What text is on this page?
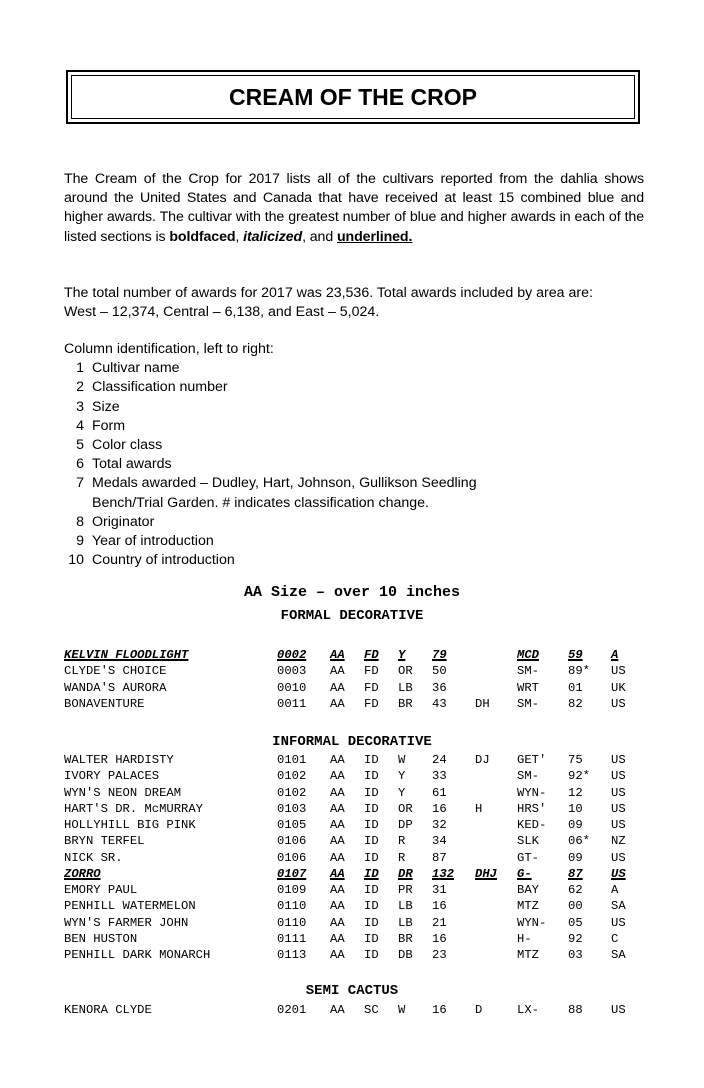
CREAM OF THE CROP
The Cream of the Crop for 2017 lists all of the cultivars reported from the dahlia shows around the United States and Canada that have received at least 15 combined blue and higher awards. The cultivar with the greatest number of blue and higher awards in each of the listed sections is boldfaced, italicized, and underlined.
The total number of awards for 2017 was 23,536. Total awards included by area are:
West – 12,374, Central – 6,138, and East – 5,024.
Column identification, left to right:
1 Cultivar name
2 Classification number
3 Size
4 Form
5 Color class
6 Total awards
7 Medals awarded – Dudley, Hart, Johnson, Gullikson Seedling
Bench/Trial Garden. # indicates classification change.
8 Originator
9 Year of introduction
10 Country of introduction
AA Size – over 10 inches
FORMAL DECORATIVE
KELVIN FLOODLIGHT	0002 AA FD Y 79	MCD 59 A
CLYDE'S CHOICE	0003 AA FD OR 50	SM- 89* US
WANDA'S AURORA	0010 AA FD LB 36	WRT 01 UK
BONAVENTURE	0011 AA FD BR 43 DH SM- 82 US
INFORMAL DECORATIVE
WALTER HARDISTY	0101 AA ID W 24 DJ GET' 75 US
IVORY PALACES	0102 AA ID Y 33	SM- 92* US
WYN'S NEON DREAM	0102 AA ID Y 61	WYN- 12 US
HART'S DR. McMURRAY	0103 AA ID OR 16 H	HRS' 10 US
HOLLYHILL BIG PINK	0105 AA ID DP 32	KED- 09 US
BRYN TERFEL	0106 AA ID R 34	SLK 06* NZ
NICK SR.	0106 AA ID R 87	GT- 09 US
ZORRO	0107 AA ID DR 132 DHJ G-	87 US
EMORY PAUL	0109 AA ID PR 31	BAY 62 A
PENHILL WATERMELON	0110 AA ID LB 16	MTZ 00 SA
WYN'S FARMER JOHN	0110 AA ID LB 21	WYN- 05 US
BEN HUSTON	0111 AA ID BR 16	H-	92 C
PENHILL DARK MONARCH	0113 AA ID DB 23	MTZ 03 SA
SEMI CACTUS
KENORA CLYDE	0201 AA SC W 16 D	LX- 88 US
